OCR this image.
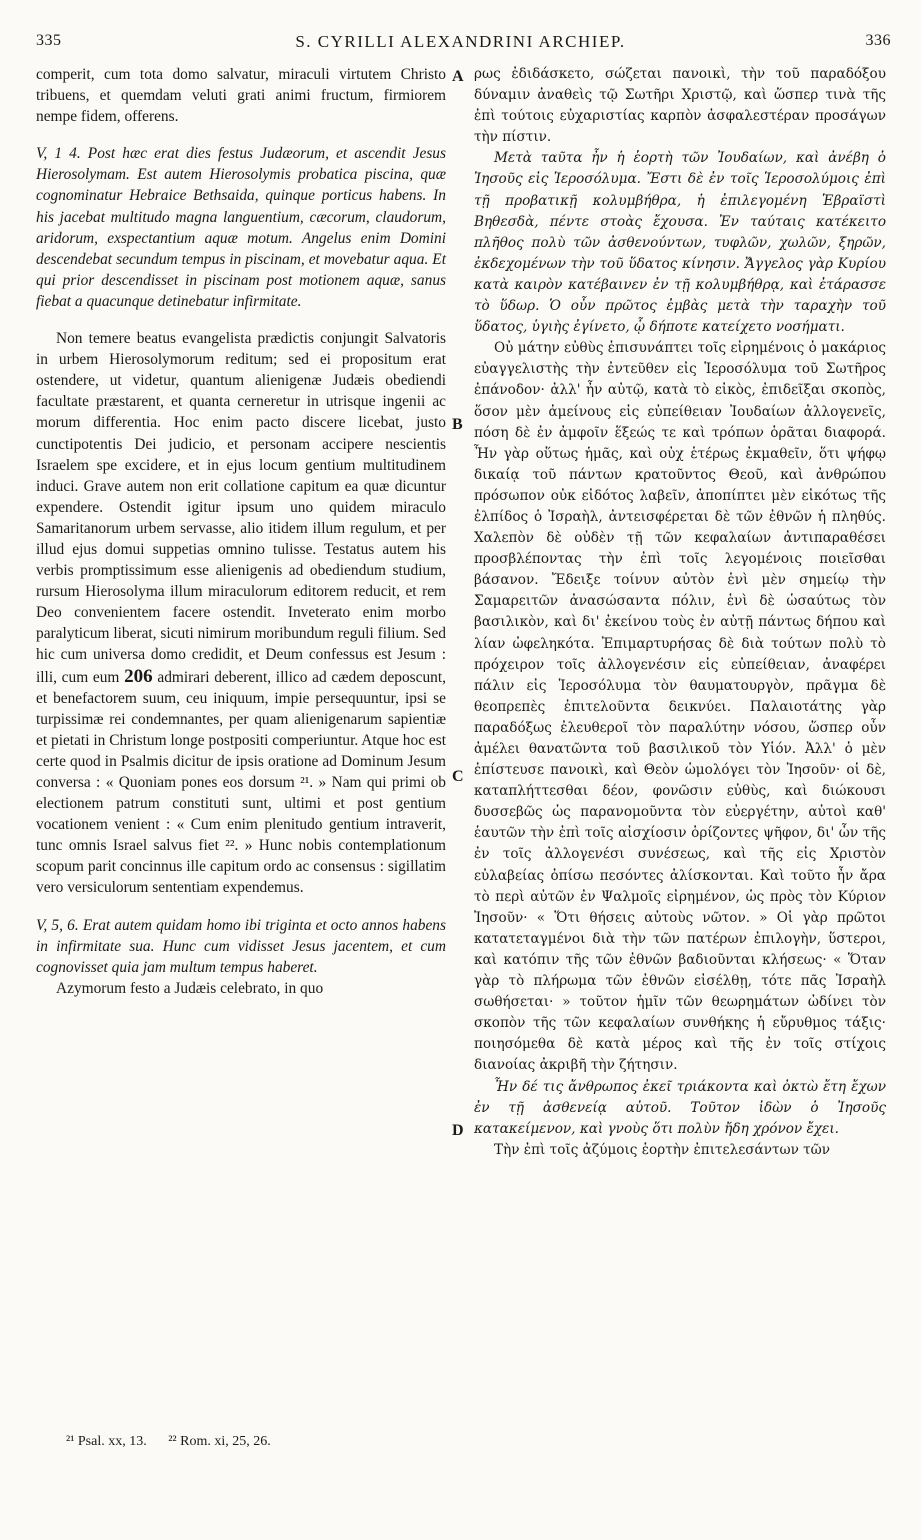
335	S. CYRILLI ALEXANDRINI ARCHIEP.	336

comperit, cum tota domo salvatur, miraculi virtutem Christo tribuens, et quemdam veluti grati animi fructum, firmiorem nempe fidem, offerens.

V, 1 4. Post hæc erat dies festus Judæorum, et ascendit Jesus Hierosolymam. Est autem Hierosolymis probatica piscina, quæ cognominatur Hebraice Bethsaida, quinque porticus habens. In his jacebat multitudo magna languentium, cæcorum, claudorum, aridorum, exspectantium aquæ motum. Angelus enim Domini descendebat secundum tempus in piscinam, et movebatur aqua. Et qui prior descendisset in piscinam post motionem aquæ, sanus fiebat a quacunque detinebatur infirmitate.

Non temere beatus evangelista prædictis conjungit Salvatoris in urbem Hierosolymorum reditum; sed ei propositum erat ostendere, ut videtur, quantum alienigenæ Judæis obediendi facultate præstarent, et quanta cerneretur in utrisque ingenii ac morum differentia. Hoc enim pacto discere licebat, justo cunctipotentis Dei judicio, et personam accipere nescientis Israelem spe excidere, et in ejus locum gentium multitudinem induci. Grave autem non erit collatione capitum ea quæ dicuntur expendere. Ostendit igitur ipsum uno quidem miraculo Samaritanorum urbem servasse, alio itidem illum regulum, et per illud ejus domui suppetias omnino tulisse. Testatus autem his verbis promptissimum esse alienigenis ad obediendum studium, rursum Hierosolyma illum miraculorum editorem reducit, et rem Deo convenientem facere ostendit. Inveterato enim morbo paralyticum liberat, sicuti nimirum moribundum reguli filium. Sed hic cum universa domo credidit, et Deum confessus est Jesum : illi, cum eum 206 admirari deberent, illico ad cædem deposcunt, et benefactorem suum, ceu iniquum, impie persequuntur, ipsi se turpissimæ rei condemnantes, per quam alienigenarum sapientiæ et pietati in Christum longe postpositi comperiuntur. Atque hoc est certe quod in Psalmis dicitur de ipsis oratione ad Dominum Jesum conversa : « Quoniam pones eos dorsum ²¹. » Nam qui primi ob electionem patrum constituti sunt, ultimi et post gentium vocationem venient : « Cum enim plenitudo gentium intraverit, tunc omnis Israel salvus fiet ²². » Hunc nobis contemplationum scopum parit concinnus ille capitum ordo ac consensus : sigillatim vero versiculorum sententiam expendemus.

V, 5, 6. Erat autem quidam homo ibi triginta et octo annos habens in infirmitate sua. Hunc cum vidisset Jesus jacentem, et cum cognovisset quia jam multum tempus haberet.

Azymorum festo a Judæis celebrato, in quo

ρως ἐδιδάσκετο, σώζεται πανοικὶ, τὴν τοῦ παραδόξου δύναμιν ἀναθεὶς τῷ Σωτῆρι Χριστῷ, καὶ ὥσπερ τινὰ τῆς ἐπὶ τούτοις εὐχαριστίας καρπὸν ἀσφαλεστέραν προσάγων τὴν πίστιν.

Μετὰ ταῦτα ἦν ἡ ἑορτὴ τῶν Ἰουδαίων, καὶ ἀνέβη ὁ Ἰησοῦς εἰς Ἱεροσόλυμα. Ἔστι δὲ ἐν τοῖς Ἱεροσολύμοις ἐπὶ τῇ προβατικῇ κολυμβήθρα, ἡ ἐπιλεγομένη Ἑβραϊστὶ Βηθεσδὰ, πέντε στοὰς ἔχουσα. Ἐν ταύταις κατέκειτο πλῆθος πολὺ τῶν ἀσθενούντων, τυφλῶν, χωλῶν, ξηρῶν, ἐκδεχομένων τὴν τοῦ ὕδατος κίνησιν. Ἄγγελος γὰρ Κυρίου κατὰ καιρὸν κατέβαινεν ἐν τῇ κολυμβήθρᾳ, καὶ ἐτάρασσε τὸ ὕδωρ. Ὁ οὖν πρῶτος ἐμβὰς μετὰ τὴν ταραχὴν τοῦ ὕδατος, ὑγιὴς ἐγίνετο, ᾧ δήποτε κατείχετο νοσήματι.

Οὐ μάτην εὐθὺς ἐπισυνάπτει τοῖς εἰρημένοις ὁ μακάριος εὐαγγελιστὴς τὴν ἐντεῦθεν εἰς Ἱεροσόλυμα τοῦ Σωτῆρος ἐπάνοδον· ἀλλ' ἦν αὐτῷ, κατὰ τὸ εἰκὸς, ἐπιδεῖξαι σκοπὸς, ὅσον μὲν ἀμείνους εἰς εὐπείθειαν Ἰουδαίων ἀλλογενεῖς, πόση δὲ ἐν ἀμφοῖν ἕξεώς τε καὶ τρόπων ὁρᾶται διαφορά. Ἦν γὰρ οὕτως ἡμᾶς, καὶ οὐχ ἑτέρως ἐκμαθεῖν, ὅτι ψήφῳ δικαίᾳ τοῦ πάντων κρατοῦντος Θεοῦ, καὶ ἀνθρώπου πρόσωπον οὐκ εἰδότος λαβεῖν, ἀποπίπτει μὲν εἰκότως τῆς ἐλπίδος ὁ Ἰσραὴλ, ἀντεισφέρεται δὲ τῶν ἐθνῶν ἡ πληθύς. Χαλεπὸν δὲ οὐδὲν τῇ τῶν κεφαλαίων ἀντιπαραθέσει προσβλέποντας τὴν ἐπὶ τοῖς λεγομένοις ποιεῖσθαι βάσανον. Ἔδειξε τοίνυν αὐτὸν ἑνὶ μὲν σημείῳ τὴν Σαμαρειτῶν ἀνασώσαντα πόλιν, ἑνὶ δὲ ὡσαύτως τὸν βασιλικὸν, καὶ δι' ἐκείνου τοὺς ἐν αὐτῇ πάντως δήπου καὶ λίαν ὠφεληκότα. Ἐπιμαρτυρήσας δὲ διὰ τούτων πολὺ τὸ πρόχειρον τοῖς ἀλλογενέσιν εἰς εὐπείθειαν, ἀναφέρει πάλιν εἰς Ἱεροσόλυμα τὸν θαυματουργὸν, πρᾶγμα δὲ θεοπρεπὲς ἐπιτελοῦντα δεικνύει. Παλαιοτάτης γὰρ παραδόξως ἐλευθεροῖ τὸν παραλύτην νόσου, ὥσπερ οὖν ἀμέλει θανατῶντα τοῦ βασιλικοῦ τὸν Υἱόν. Ἀλλ' ὁ μὲν ἐπίστευσε πανοικὶ, καὶ Θεὸν ὡμολόγει τὸν Ἰησοῦν· οἱ δὲ, καταπλήττεσθαι δέον, φονῶσιν εὐθὺς, καὶ διώκουσι δυσσεβῶς ὡς παρανομοῦντα τὸν εὐεργέτην, αὐτοὶ καθ' ἑαυτῶν τὴν ἐπὶ τοῖς αἰσχίοσιν ὁρίζοντες ψῆφον, δι' ὧν τῆς ἐν τοῖς ἀλλογενέσι συνέσεως, καὶ τῆς εἰς Χριστὸν εὐλαβείας ὀπίσω πεσόντες ἁλίσκονται. Καὶ τοῦτο ἦν ἄρα τὸ περὶ αὐτῶν ἐν Ψαλμοῖς εἰρημένον, ὡς πρὸς τὸν Κύριον Ἰησοῦν· « Ὅτι θήσεις αὐτοὺς νῶτον. » Οἱ γὰρ πρῶτοι κατατεταγμένοι διὰ τὴν τῶν πατέρων ἐπιλογὴν, ὕστεροι, καὶ κατόπιν τῆς τῶν ἐθνῶν βαδιοῦνται κλήσεως· « Ὅταν γὰρ τὸ πλήρωμα τῶν ἐθνῶν εἰσέλθῃ, τότε πᾶς Ἰσραὴλ σωθήσεται· » τοῦτον ἡμῖν τῶν θεωρημάτων ὠδίνει τὸν σκοπὸν τῆς τῶν κεφαλαίων συνθήκης ἡ εὔρυθμος τάξις· ποιησόμεθα δὲ κατὰ μέρος καὶ τῆς ἐν τοῖς στίχοις διανοίας ἀκριβῆ τὴν ζήτησιν.

Ἦν δέ τις ἄνθρωπος ἐκεῖ τριάκοντα καὶ ὀκτὼ ἔτη ἔχων ἐν τῇ ἀσθενείᾳ αὐτοῦ. Τοῦτον ἰδὼν ὁ Ἰησοῦς κατακείμενον, καὶ γνοὺς ὅτι πολὺν ἤδη χρόνον ἔχει.

Τὴν ἐπὶ τοῖς ἀζύμοις ἑορτὴν ἐπιτελεσάντων τῶν

A
B
C
D
²¹ Psal. xx, 13. ²² Rom. xi, 25, 26.
